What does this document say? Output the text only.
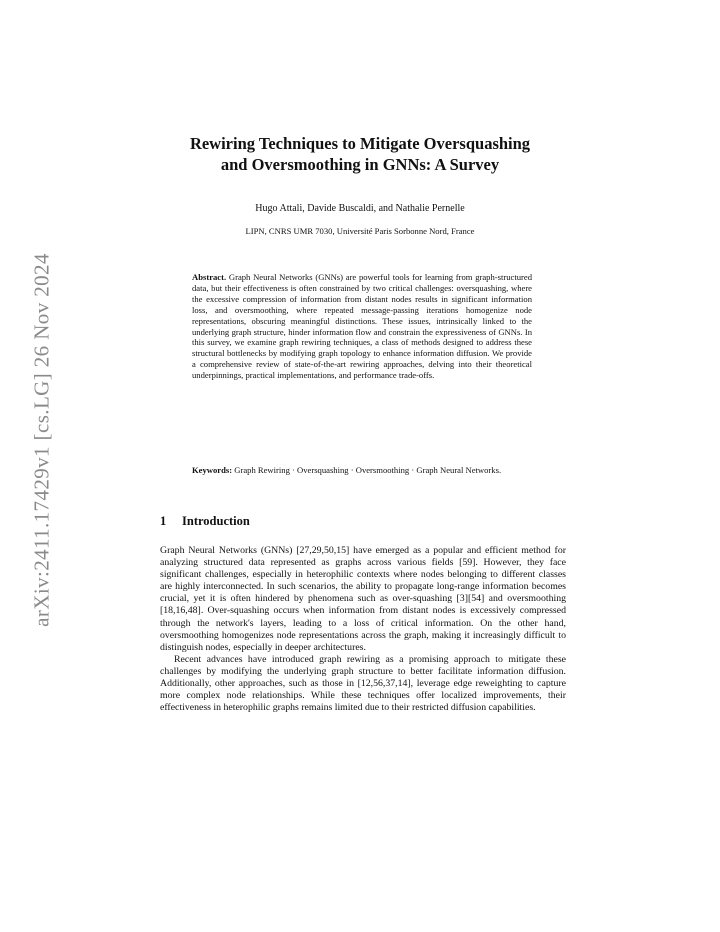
arXiv:2411.17429v1 [cs.LG] 26 Nov 2024
Rewiring Techniques to Mitigate Oversquashing
and Oversmoothing in GNNs: A Survey
Hugo Attali, Davide Buscaldi, and Nathalie Pernelle
LIPN, CNRS UMR 7030, Université Paris Sorbonne Nord, France

Abstract. Graph Neural Networks (GNNs) are powerful tools for learning from graph-structured data, but their effectiveness is often constrained by two critical challenges: oversquashing, where the excessive compression of information from distant nodes results in significant information loss, and oversmoothing, where repeated message-passing iterations homogenize node representations, obscuring meaningful distinctions. These issues, intrinsically linked to the underlying graph structure, hinder information flow and constrain the expressiveness of GNNs. In this survey, we examine graph rewiring techniques, a class of methods designed to address these structural bottlenecks by modifying graph topology to enhance information diffusion. We provide a comprehensive review of state-of-the-art rewiring approaches, delving into their theoretical underpinnings, practical implementations, and performance trade-offs.

Keywords: Graph Rewiring · Oversquashing · Oversmoothing · Graph Neural Networks.

1 Introduction

Graph Neural Networks (GNNs) [27,29,50,15] have emerged as a popular and efficient method for analyzing structured data represented as graphs across various fields [59]. However, they face significant challenges, especially in heterophilic contexts where nodes belonging to different classes are highly interconnected. In such scenarios, the ability to propagate long-range information becomes crucial, yet it is often hindered by phenomena such as over-squashing [3][54] and oversmoothing [18,16,48]. Over-squashing occurs when information from distant nodes is excessively compressed through the network's layers, leading to a loss of critical information. On the other hand, oversmoothing homogenizes node representations across the graph, making it increasingly difficult to distinguish nodes, especially in deeper architectures.

Recent advances have introduced graph rewiring as a promising approach to mitigate these challenges by modifying the underlying graph structure to better facilitate information diffusion. Additionally, other approaches, such as those in [12,56,37,14], leverage edge reweighting to capture more complex node relationships. While these techniques offer localized improvements, their effectiveness in heterophilic graphs remains limited due to their restricted diffusion capabilities.
